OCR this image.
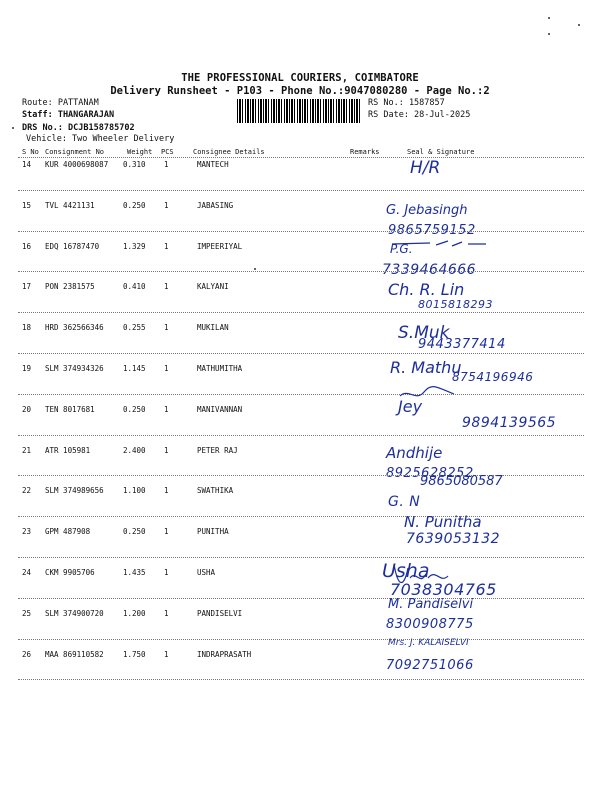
THE PROFESSIONAL COURIERS, COIMBATORE
Delivery Runsheet - P103 - Phone No.:9047080280 - Page No.:2
Route: PATTANAM
Staff: THANGARAJAN
DRS No.: DCJB158785702
Vehicle: Two Wheeler Delivery
RS No.: 1587857
RS Date: 28-Jul-2025
S No Consignment No	Weight PCS	Consignee Details	Remarks	Seal & Signature
14 KUR 4000698087 0.310 1	MANTECH	H/R
15 TVL 4421131	0.250 1	JABASING	G. Jebasingh
9865759152
16 EDQ 16787470	1.329 1	IMPEERIYAL	P.G.
7339464666
17 PON 2381575	0.410 1	KALYANI	Ch. R. Lin
8015818293
18 HRD 362566346	0.255 1	MUKILAN	S.Muk
9443377414
19 SLM 374934326	1.145 1	MATHUMITHA	R. Mathu
8754196946
20 TEN 8017681	0.250 1	MANIVANNAN	Jey
9894139565
21 ATR 105981	2.400 1	PETER RAJ	Andhije
8925628252
22 SLM 374989656	1.100 1	SWATHIKA
9865080587
G. N
23 GPM 487908	0.250 1	PUNITHA
N. Punitha
7639053132
24 CKM 9905706	1.435 1	USHA	Usha
7038304765
25 SLM 374900720	1.200 1	PANDISELVI
M. Pandiselvi
8300908775
26 MAA 869110582	1.750 1	INDRAPRASATH
Mrs. J. KALAISELVI
7092751066
